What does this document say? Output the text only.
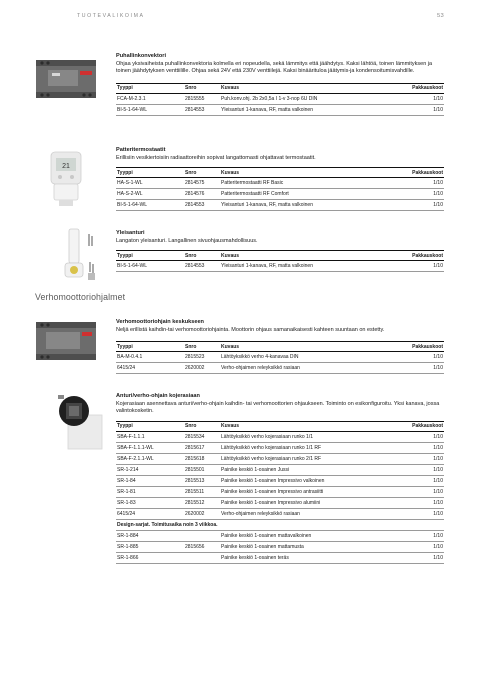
TUOTEVALIKOIMA	53
21
Verhomoottoriohjalmet
Puhallinkonvektori
Ohjaa yksivaiheista puhallinkonvektoria kolmella eri nopeudella, sekä lämmitys että jäähdytys. Kaksi lähtöä, toinen lämmityksen ja toinen jäähdytyksen venttiilille. Ohjaa sekä 24V että 230V venttiilejä. Kaksi binääritulоa jäätymis-ja kondensoitumisvahdille.
Tyyppi	Snro	Kuvaus	Pakkauskoot
FCA-M-2.3.1	2815555	Puh.konv.ohj. 2b 2x0,5a I 1-v 3-nop 6U DIN	1/10
BI-5-1-64-WL	2814553	Yleisanturi 1-kanava, RF, matta valkoinen	1/10
Patteritermostaatit
Erillisiin vesikiertoisiin radiaattoreihin sopivat langattomasti ohjattavat termostaatit.
Tyyppi	Snro	Kuvaus	Pakkauskoot
HA-S-1-WL	2814575	Patteritermostaatti RF Basic	1/10
HA-S-2-WL	2814576	Patteritermostaatti RF Comfort	1/10
BI-5-1-64-WL	2814553	Yleisanturi 1-kanava, RF, matta valkoinen	1/10
Yleisanturi
Langaton yleisanturi. Langallinen sivuohjausmahdollisuus.
Tyyppi	Snro	Kuvaus	Pakkauskoot
BI-5-1-64-WL	2814553	Yleisanturi 1-kanava, RF, matta valkoinen	1/10
Verhomoottoriohjain keskukseen
Neljä erillistä kaihdin-tai verhomoottoriohjaintа. Moottorin ohjaus samanaikaisesti kahteen suuntaan on estetty.
Tyyppi	Snro	Kuvaus	Pakkauskoot
BA-M-0.4.1	2815523	Lähtöyksikkö verho 4-kanavaa DIN	1/10
6415/24	2620002	Verho-ohjaimen releyksikkö rasiaan	1/10
Anturi/verho-ohjain kojerasiaan
Kojerasiaan asennettava anturi/verho-ohjain kaihdin- tai verhomoottorien ohjaukseen. Toiminto on esikonfiguroitu. Yksi kanava, jossa valintokosketin.
Tyyppi	Snro	Kuvaus	Pakkauskoot
SBA-F-1.1.1	2815534	Lähtöyksikkö verho kojerasiaan runko 1/1	1/10
SBA-F-1.1.1-WL	2815617	Lähtöyksikkö verho kojerasiaan runko 1/1 RF	1/10
SBA-F-2.1.1-WL	2815618	Lähtöyksikkö verho kojerasiaan runko 2/1 RF	1/10
SR-1-214	2815501	Painike keskiö 1-osainen Jussi	1/10
SR-1-84	2815513	Painike keskiö 1-osainen Impressivo valkoinen	1/10
SR-1-81	2815511	Painike keskiö 1-osainen Impressivo antrasiitti	1/10
SR-1-83	2815512	Painike keskiö 1-osainen Impressivo alumiini	1/10
6415/24	2620002	Verho-ohjaimen releyksikkö rasiaan	1/10
Design-sarjat. Toimitusaika noin 3 viikkoa.			
SR-1-884		Painike keskiö 1-osainen mattavalkoinen	1/10
SR-1-885	2815656	Painike keskiö 1-osainen mattamusta	1/10
SR-1-866		Painike keskiö 1-osainen teräs	1/10
